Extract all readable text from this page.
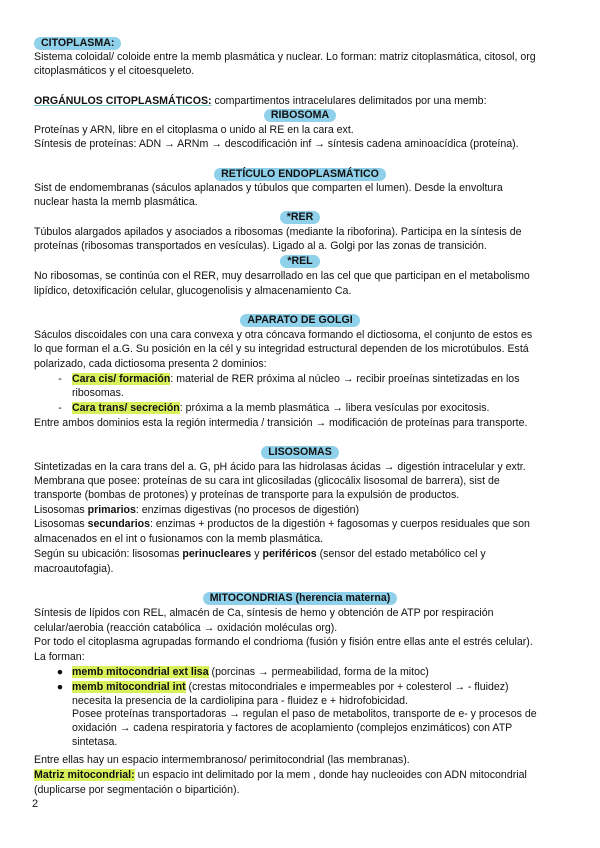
CITOPLASMA:

Sistema coloidal/ coloide entre la memb plasmática y nuclear. Lo forman: matriz citoplasmática, citosol, org

citoplasmáticos y el citoesqueleto.

ORGÁNULOS CITOPLASMÁTICOS: compartimentos intracelulares delimitados por una memb:

RIBOSOMA

Proteínas y ARN, libre en el citoplasma o unido al RE en la cara ext.

Síntesis de proteínas: ADN → ARNm → descodificación inf → síntesis cadena aminoacídica (proteína).

RETÍCULO ENDOPLASMÁTICO

Sist de endomembranas (sáculos aplanados y túbulos que comparten el lumen). Desde la envoltura

nuclear hasta la memb plasmática.

*RER

Túbulos alargados apilados y asociados a ribosomas (mediante la riboforina). Participa en la síntesis de

proteínas (ribosomas transportados en vesículas). Ligado al a. Golgi por las zonas de transición.

*REL

No ribosomas, se continúa con el RER, muy desarrollado en las cel que que participan en el metabolismo

lipídico, detoxificación celular, glucogenolisis y almacenamiento Ca.

APARATO DE GOLGI

Sáculos discoidales con una cara convexa y otra cóncava formando el dictiosoma, el conjunto de estos es

lo que forman el a.G. Su posición en la cél y su integridad estructural dependen de los microtúbulos. Está

polarizado, cada dictiosoma presenta 2 dominios:

- Cara cis/ formación: material de RER próxima al núcleo → recibir proeínas sintetizadas en los
ribosomas.
- Cara trans/ secreción: próxima a la memb plasmática → libera vesículas por exocitosis.

Entre ambos dominios esta la región intermedia / transición → modificación de proteínas para transporte.

LISOSOMAS

Sintetizadas en la cara trans del a. G, pH ácido para las hidrolasas ácidas → digestión intracelular y extr.

Membrana que posee: proteínas de su cara int glicosiladas (glicocálix lisosomal de barrera), sist de

transporte (bombas de protones) y proteínas de transporte para la expulsión de productos.

Lisosomas primarios: enzimas digestivas (no procesos de digestión)

Lisosomas secundarios: enzimas + productos de la digestión + fagosomas y cuerpos residuales que son

almacenados en el int o fusionamos con la memb plasmática.

Según su ubicación: lisosomas perinucleares y periféricos (sensor del estado metabólico cel y

macroautofagia).

MITOCONDRIAS (herencia materna)

Síntesis de lípidos con REL, almacén de Ca, síntesis de hemo y obtención de ATP por respiración

celular/aerobia (reacción catabólica → oxidación moléculas org).

Por todo el citoplasma agrupadas formando el condrioma (fusión y fisión entre ellas ante el estrés celular).

La forman:

● memb mitocondrial ext lisa (porcinas → permeabilidad, forma de la mitoc)
● memb mitocondrial int (crestas mitocondriales e impermeables por + colesterol → - fluidez)
necesita la presencia de la cardiolipina para - fluidez e + hidrofobicidad.
Posee proteínas transportadoras → regulan el paso de metabolitos, transporte de e- y procesos de
oxidación → cadena respiratoria y factores de acoplamiento (complejos enzimáticos) con ATP
sintetasa.

Entre ellas hay un espacio intermembranoso/ perimitocondrial (las membranas).

Matriz mitocondrial: un espacio int delimitado por la mem , donde hay nucleoides con ADN mitocondrial

(duplicarse por segmentación o bipartición).

2
